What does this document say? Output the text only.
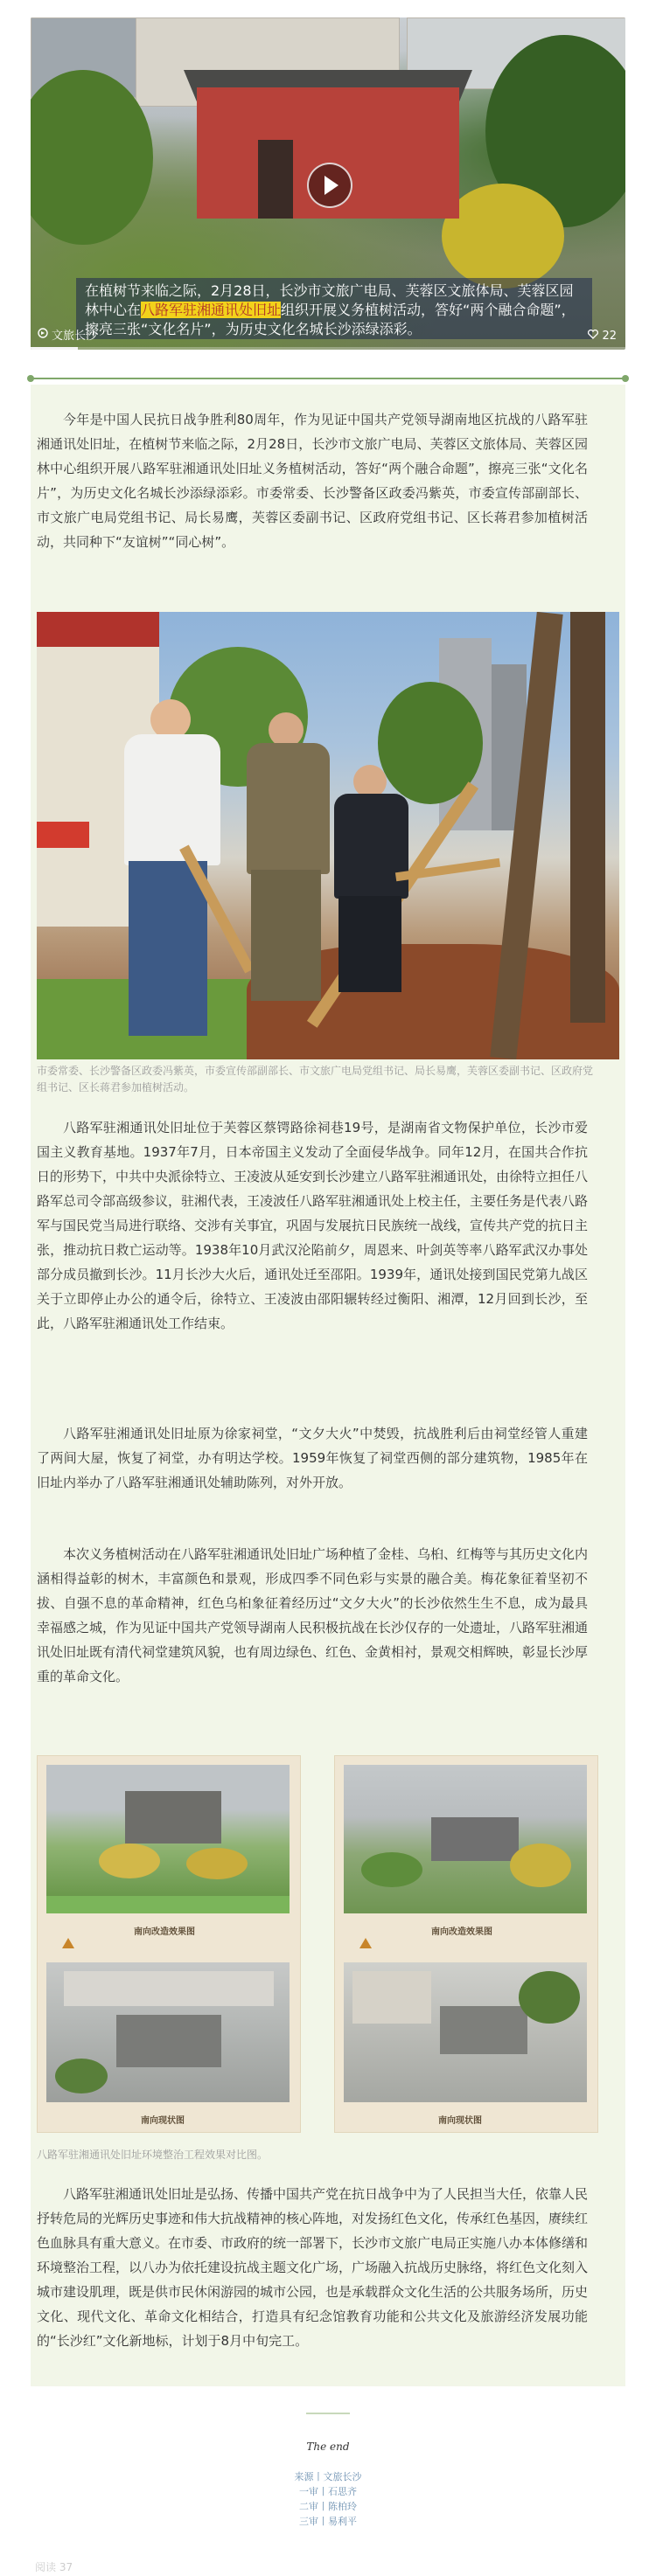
在植树节来临之际，2月28日，长沙市文旅广电局、芙蓉区文旅体局、芙蓉区园林中心在八路军驻湘通讯处旧址组织开展义务植树活动，答好“两个融合命题”，擦亮三张“文化名片”，为历史文化名城长沙添绿添彩。
文旅长沙	22

今年是中国人民抗日战争胜利80周年，作为见证中国共产党领导湖南地区抗战的八路军驻湘通讯处旧址，在植树节来临之际，2月28日，长沙市文旅广电局、芙蓉区文旅体局、芙蓉区园林中心组织开展八路军驻湘通讯处旧址义务植树活动，答好“两个融合命题”，擦亮三张“文化名片”，为历史文化名城长沙添绿添彩。市委常委、长沙警备区政委冯紫英，市委宣传部副部长、市文旅广电局党组书记、局长易鹰，芙蓉区委副书记、区政府党组书记、区长蒋君参加植树活动，共同种下“友谊树”“同心树”。

市委常委、长沙警备区政委冯紫英，市委宣传部副部长、市文旅广电局党组书记、局长易鹰，芙蓉区委副书记、区政府党组书记、区长蒋君参加植树活动。

八路军驻湘通讯处旧址位于芙蓉区蔡锷路徐祠巷19号，是湖南省文物保护单位，长沙市爱国主义教育基地。1937年7月，日本帝国主义发动了全面侵华战争。同年12月，在国共合作抗日的形势下，中共中央派徐特立、王凌波从延安到长沙建立八路军驻湘通讯处，由徐特立担任八路军总司令部高级参议，驻湘代表，王凌波任八路军驻湘通讯处上校主任，主要任务是代表八路军与国民党当局进行联络、交涉有关事宜，巩固与发展抗日民族统一战线，宣传共产党的抗日主张，推动抗日救亡运动等。1938年10月武汉沦陷前夕，周恩来、叶剑英等率八路军武汉办事处部分成员撤到长沙。11月长沙大火后，通讯处迁至邵阳。1939年，通讯处接到国民党第九战区关于立即停止办公的通令后，徐特立、王凌波由邵阳辗转经过衡阳、湘潭，12月回到长沙，至此，八路军驻湘通讯处工作结束。

八路军驻湘通讯处旧址原为徐家祠堂，“文夕大火”中焚毁，抗战胜利后由祠堂经管人重建了两间大屋，恢复了祠堂，办有明达学校。1959年恢复了祠堂西侧的部分建筑物，1985年在旧址内举办了八路军驻湘通讯处辅助陈列，对外开放。

本次义务植树活动在八路军驻湘通讯处旧址广场种植了金桂、乌桕、红梅等与其历史文化内涵相得益彰的树木，丰富颜色和景观，形成四季不同色彩与实景的融合美。梅花象征着坚初不拔、自强不息的革命精神，红色乌桕象征着经历过“文夕大火”的长沙依然生生不息，成为最具幸福感之城，作为见证中国共产党领导湖南人民积极抗战在长沙仅存的一处遗址，八路军驻湘通讯处旧址既有清代祠堂建筑风貌，也有周边绿色、红色、金黄相衬，景观交相辉映，彰显长沙厚重的革命文化。

南向改造效果图
南向现状图
南向改造效果图
南向现状图
八路军驻湘通讯处旧址环境整治工程效果对比图。

八路军驻湘通讯处旧址是弘扬、传播中国共产党在抗日战争中为了人民担当大任，依靠人民抒转危局的光辉历史事迹和伟大抗战精神的核心阵地，对发扬红色文化，传承红色基因，赓续红色血脉具有重大意义。在市委、市政府的统一部署下，长沙市文旅广电局正实施八办本体修缮和环境整治工程，以八办为依托建设抗战主题文化广场，广场融入抗战历史脉络，将红色文化刻入城市建设肌理，既是供市民休闲游园的城市公园，也是承载群众文化生活的公共服务场所，历史文化、现代文化、革命文化相结合，打造具有纪念馆教育功能和公共文化及旅游经济发展功能的“长沙红”文化新地标，计划于8月中旬完工。

The end
来源丨文旅长沙
一审丨石思齐
二审丨陈柏玲
三审丨易利平
阅读 37
